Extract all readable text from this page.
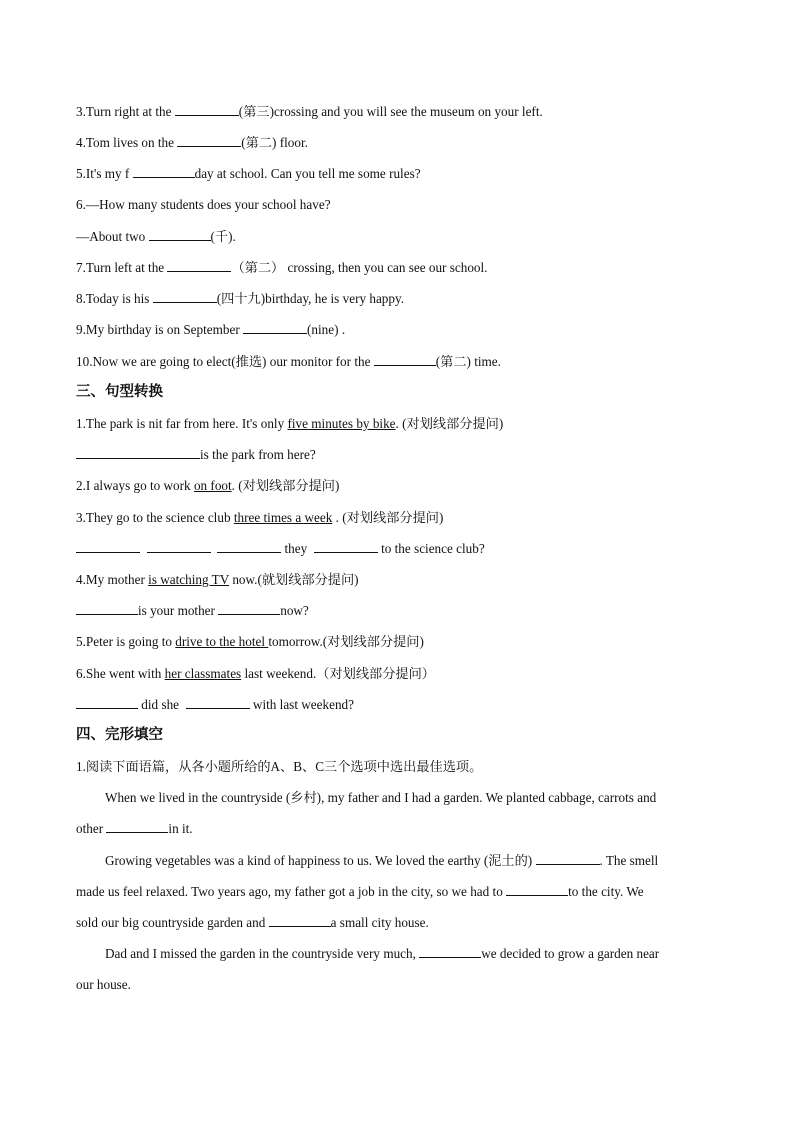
3.Turn right at the	(第三)crossing and you will see the museum on your left.
4.Tom lives on the	(第二) floor.
5.It's my f	day at school. Can you tell me some rules?
6.—How many students does your school have?
—About two	(千).
7.Turn left at the	（第二） crossing, then you can see our school.
8.Today is his	(四十九)birthday, he is very happy.
9.My birthday is on September	(nine) .
10.Now we are going to elect(推选) our monitor for the	(第二) time.
三、句型转换
1.The park is nit far from here. It's only five minutes by bike. (对划线部分提问)
is the park from here?
2.I always go to work on foot. (对划线部分提问)
3.They go to the science club three times a week . (对划线部分提问)
they	to the science club?
4.My mother is watching TV now.(就划线部分提问)
is your mother	now?
5.Peter is going to drive to the hotel tomorrow.(对划线部分提问)
6.She went with her classmates last weekend.（对划线部分提问）
did she	with last weekend?
四、完形填空
1.阅读下面语篇，从各小题所给的A、B、C三个选项中选出最佳选项。
When we lived in the countryside (乡村), my father and I had a garden. We planted cabbage, carrots and
other	in it.
Growing vegetables was a kind of happiness to us. We loved the earthy (泥土的)	. The smell
made us feel relaxed. Two years ago, my father got a job in the city, so we had to	to the city. We
sold our big countryside garden and	a small city house.
Dad and I missed the garden in the countryside very much,	we decided to grow a garden near
our house.
